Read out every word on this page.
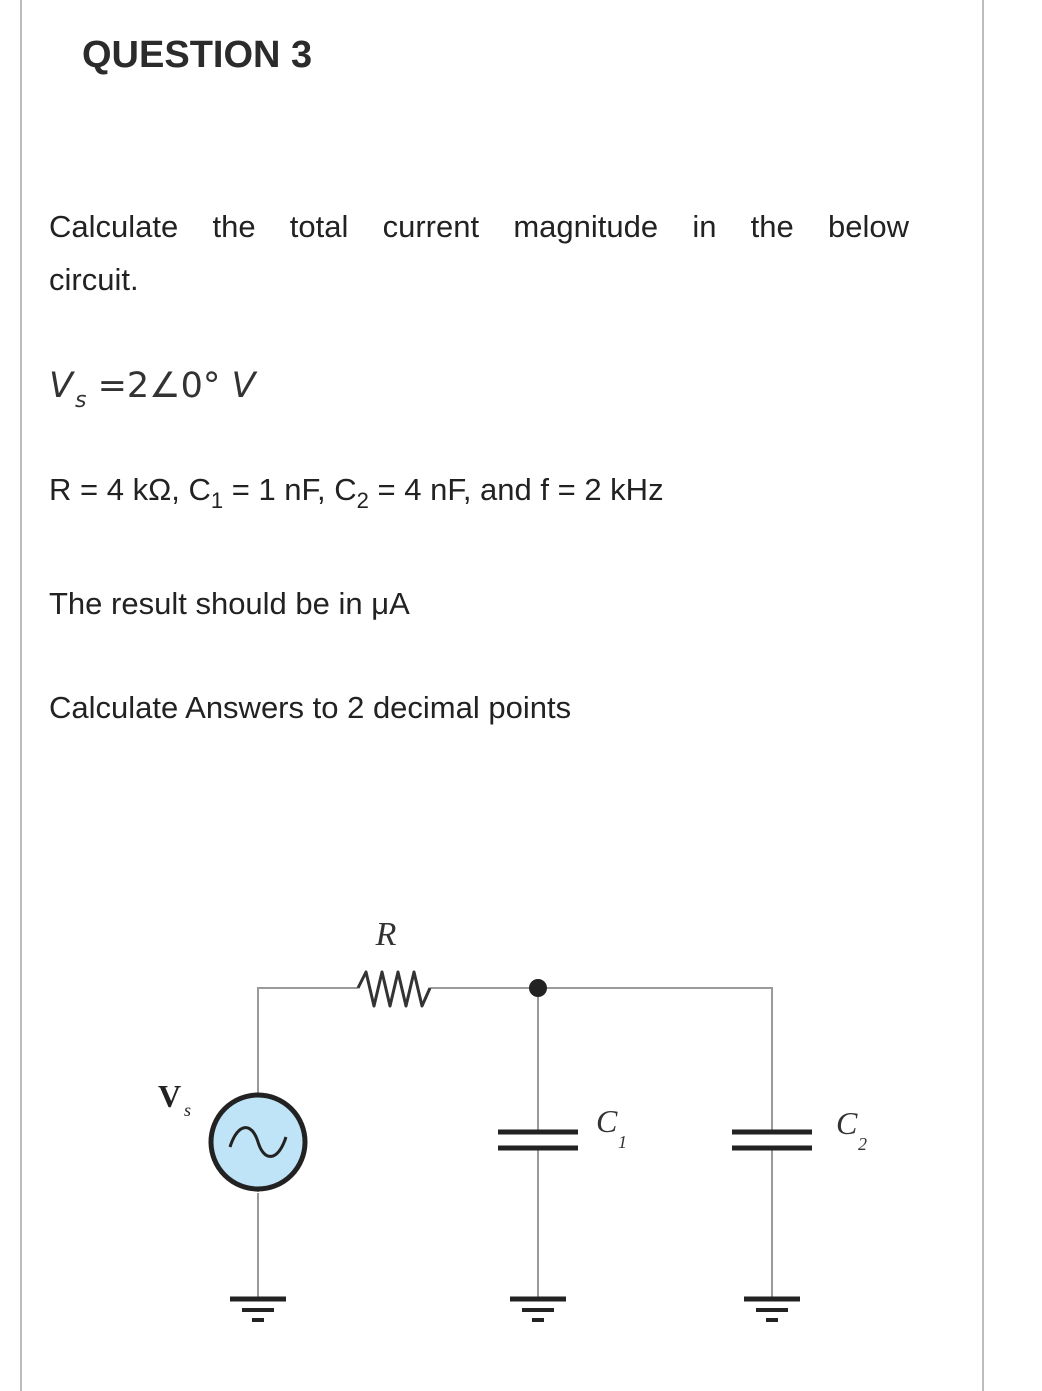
QUESTION 3
Calculate the total current magnitude in the below
circuit.
$V_s$ =2∠0° V
R = 4 kΩ, $C_1 = 1$ nF, $C_2 = 4$ nF, and f = 2 kHz
The result should be in μA
Calculate Answers to 2 decimal points
R
V s	C
1
C
2
